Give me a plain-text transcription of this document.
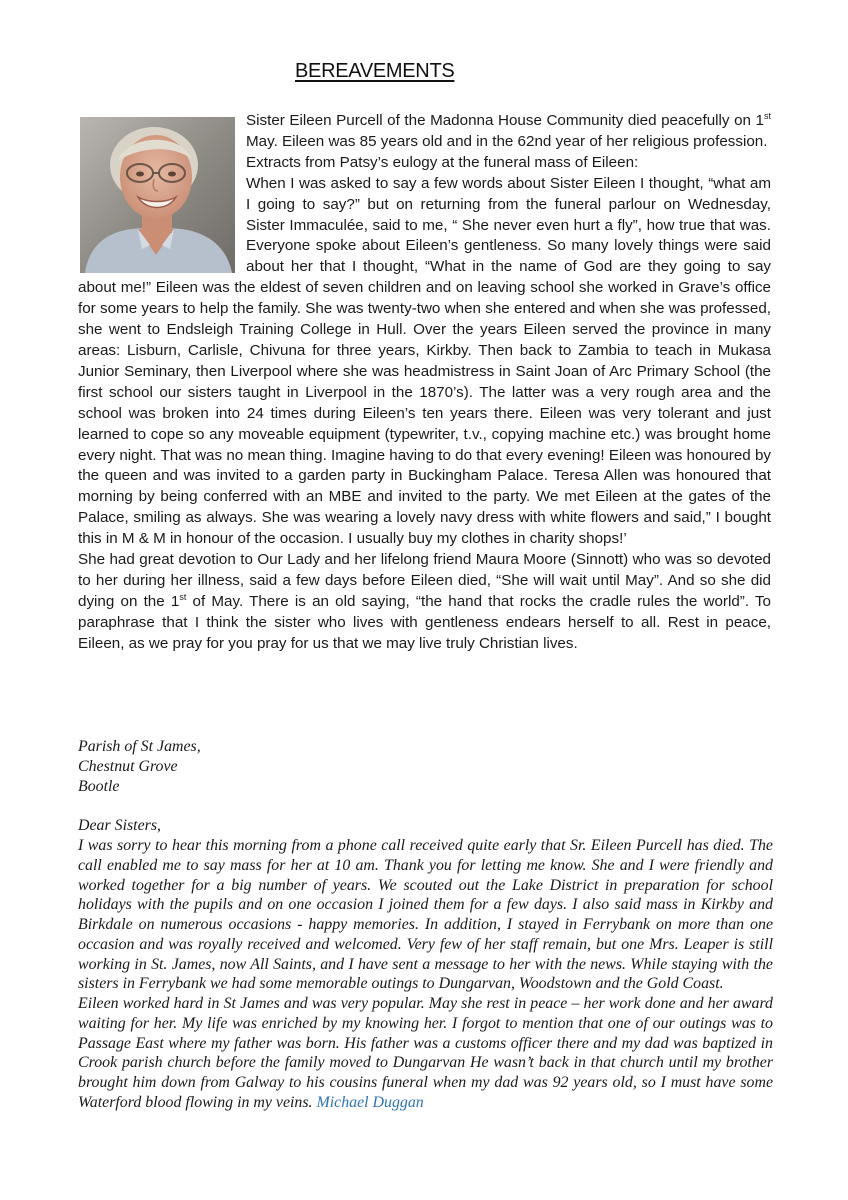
BEREAVEMENTS

Sister Eileen Purcell of the Madonna House Community died peacefully on 1st May. Eileen was 85 years old and in the 62nd year of her religious profession.

Extracts from Patsy’s eulogy at the funeral mass of Eileen:

When I was asked to say a few words about Sister Eileen I thought, “what am I going to say?” but on returning from the funeral parlour on Wednesday, Sister Immaculée, said to me, “ She never even hurt a fly”, how true that was. Everyone spoke about Eileen’s gentleness. So many lovely things were said about her that I thought, “What in the name of God are they going to say about me!” Eileen was the eldest of seven children and on leaving school she worked in Grave’s office for some years to help the family. She was twenty-two when she entered and when she was professed, she went to Endsleigh Training College in Hull. Over the years Eileen served the province in many areas: Lisburn, Carlisle, Chivuna for three years, Kirkby. Then back to Zambia to teach in Mukasa Junior Seminary, then Liverpool where she was headmistress in Saint Joan of Arc Primary School (the first school our sisters taught in Liverpool in the 1870’s). The latter was a very rough area and the school was broken into 24 times during Eileen’s ten years there. Eileen was very tolerant and just learned to cope so any moveable equipment (typewriter, t.v., copying machine etc.) was brought home every night. That was no mean thing. Imagine having to do that every evening! Eileen was honoured by the queen and was invited to a garden party in Buckingham Palace. Teresa Allen was honoured that morning by being conferred with an MBE and invited to the party. We met Eileen at the gates of the Palace, smiling as always. She was wearing a lovely navy dress with white flowers and said,” I bought this in M & M in honour of the occasion. I usually buy my clothes in charity shops!’

She had great devotion to Our Lady and her lifelong friend Maura Moore (Sinnott) who was so devoted to her during her illness, said a few days before Eileen died, “She will wait until May”. And so she did dying on the 1st of May. There is an old saying, “the hand that rocks the cradle rules the world”. To paraphrase that I think the sister who lives with gentleness endears herself to all. Rest in peace, Eileen, as we pray for you pray for us that we may live truly Christian lives.

Parish of St James,

Chestnut Grove

Bootle

Dear Sisters,

I was sorry to hear this morning from a phone call received quite early that Sr. Eileen Purcell has died. The call enabled me to say mass for her at 10 am. Thank you for letting me know. She and I were friendly and worked together for a big number of years. We scouted out the Lake District in preparation for school holidays with the pupils and on one occasion I joined them for a few days. I also said mass in Kirkby and Birkdale on numerous occasions - happy memories. In addition, I stayed in Ferrybank on more than one occasion and was royally received and welcomed. Very few of her staff remain, but one Mrs. Leaper is still working in St. James, now All Saints, and I have sent a message to her with the news. While staying with the sisters in Ferrybank we had some memorable outings to Dungarvan, Woodstown and the Gold Coast.

Eileen worked hard in St James and was very popular. May she rest in peace – her work done and her award waiting for her. My life was enriched by my knowing her. I forgot to mention that one of our outings was to Passage East where my father was born. His father was a customs officer there and my dad was baptized in Crook parish church before the family moved to Dungarvan He wasn’t back in that church until my brother brought him down from Galway to his cousins funeral when my dad was 92 years old, so I must have some Waterford blood flowing in my veins. Michael Duggan
